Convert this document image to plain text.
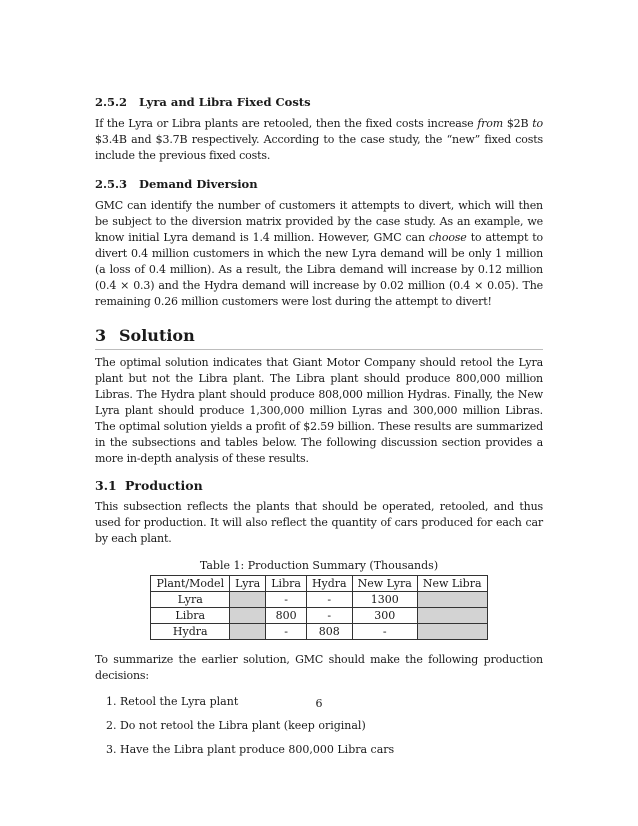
2.5.2 Lyra and Libra Fixed Costs

If the Lyra or Libra plants are retooled, then the fixed costs increase from $2B to $3.4B and $3.7B respectively. According to the case study, the “new” fixed costs include the previous fixed costs.

2.5.3 Demand Diversion

GMC can identify the number of customers it attempts to divert, which will then be subject to the diversion matrix provided by the case study. As an example, we know initial Lyra demand is 1.4 million. However, GMC can choose to attempt to divert 0.4 million customers in which the new Lyra demand will be only 1 million (a loss of 0.4 million). As a result, the Libra demand will increase by 0.12 million (0.4 × 0.3) and the Hydra demand will increase by 0.02 million (0.4 × 0.05). The remaining 0.26 million customers were lost during the attempt to divert!

3 Solution

The optimal solution indicates that Giant Motor Company should retool the Lyra plant but not the Libra plant. The Libra plant should produce 800,000 million Libras. The Hydra plant should produce 808,000 million Hydras. Finally, the New Lyra plant should produce 1,300,000 million Lyras and 300,000 million Libras. The optimal solution yields a profit of $2.59 billion. These results are summarized in the subsections and tables below. The following discussion section provides a more in-depth analysis of these results.

3.1 Production

This subsection reflects the plants that should be operated, retooled, and thus used for production. It will also reflect the quantity of cars produced for each car by each plant.

Table 1: Production Summary (Thousands)

Plant/Model	Lyra	Libra	Hydra	New Lyra	New Libra
Lyra		-	-	1300	
Libra		800	-	300	
Hydra		-	808	-	

To summarize the earlier solution, GMC should make the following production decisions:

1. Retool the Lyra plant
2. Do not retool the Libra plant (keep original)
3. Have the Libra plant produce 800,000 Libra cars
6
